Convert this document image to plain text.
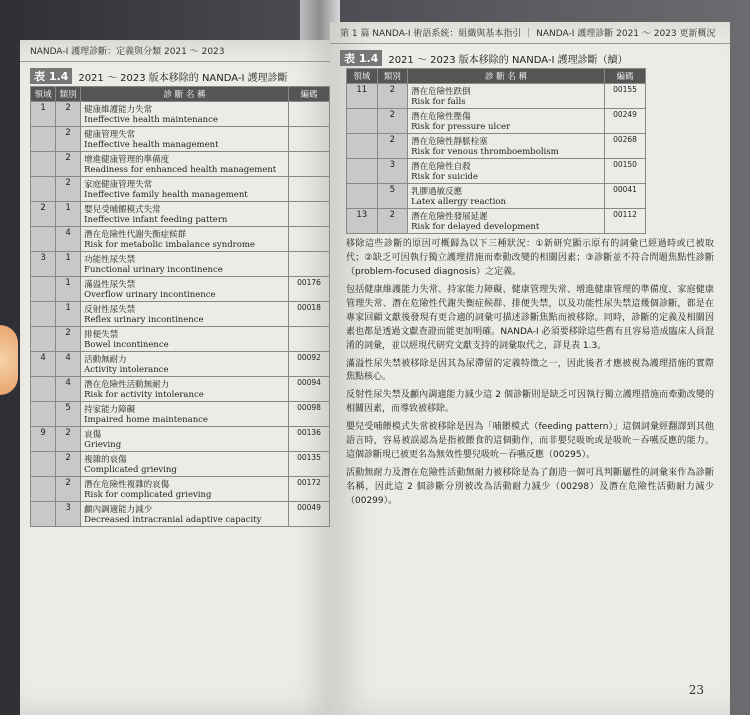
NANDA-I 護理診斷：定義與分類 2021 ～ 2023
表 1.4	2021 ～ 2023 版本移除的 NANDA-I 護理診斷
領域	類別	診 斷 名 稱	編碼
1	2	健康維護能力失常
Ineffective health maintenance	

	2	健康管理失常
Ineffective health management	

	2	增進健康管理的準備度
Readiness for enhanced health management	

	2	家庭健康管理失常
Ineffective family health management	

2	1	嬰兒受哺餵模式失常
Ineffective infant feeding pattern	

	4	潛在危險性代謝失衡症候群
Risk for metabolic imbalance syndrome	

3	1	功能性尿失禁
Functional urinary incontinence	

	1	滿溢性尿失禁
Overflow urinary incontinence	00176
	1	反射性尿失禁
Reflex urinary incontinence	00018
	2	排便失禁
Bowel incontinence	

4	4	活動無耐力
Activity intolerance	00092
	4	潛在危險性活動無耐力
Risk for activity intolerance	00094
	5	持家能力障礙
Impaired home maintenance	00098
9	2	哀傷
Grieving	00136
	2	複雜的哀傷
Complicated grieving	00135
	2	潛在危險性複雜的哀傷
Risk for complicated grieving	00172
	3	顱內調適能力減少
Decreased intracranial adaptive capacity	00049
第 1 篇 NANDA-I 術語系統：組織與基本指引 ｜ NANDA-I 護理診斷 2021 ～ 2023 更新概況
表 1.4	2021 ～ 2023 版本移除的 NANDA-I 護理診斷（續）
領域	類別	診 斷 名 稱	編碼
11	2	潛在危險性跌倒
Risk for falls	00155
	2	潛在危險性壓傷
Risk for pressure ulcer	00249
	2	潛在危險性靜脈栓塞
Risk for venous thromboembolism	00268
	3	潛在危險性自殺
Risk for suicide	00150
	5	乳膠過敏反應
Latex allergy reaction	00041
13	2	潛在危險性發展延遲
Risk for delayed development	00112

移除這些診斷的原因可概歸為以下三種狀況：①新研究顯示原有的詞彙已經過時或已被取代；②缺乏可因執行獨立護理措施而牽動改變的相關因素；③診斷並不符合問題焦點性診斷（problem-focused diagnosis）之定義。

包括健康維護能力失常、持家能力障礙、健康管理失常、增進健康管理的準備度、家庭健康管理失常、潛在危險性代謝失衡症候群、排便失禁，以及功能性尿失禁這幾個診斷，都是在專家回顧文獻後發現有更合適的詞彙可描述診斷焦點而被移除。同時，診斷的定義及相關因素也都是透過文獻查證而能更加明確。NANDA-I 必須要移除這些舊有且容易造成臨床人員混淆的詞彙，並以經現代研究文獻支持的詞彙取代之，詳見表 1.3。

滿溢性尿失禁被移除是因其為尿滯留的定義特徵之一，因此後者才應被視為護理措施的實際焦點核心。

反射性尿失禁及顱內調適能力減少這 2 個診斷則是缺乏可因執行獨立護理措施而牽動改變的相關因素，而導致被移除。

嬰兒受哺餵模式失常被移除是因為「哺餵模式（feeding pattern）」這個詞彙經翻譯到其他語言時，容易被誤認為是指被餵食的這個動作，而非嬰兒吸吮或是吸吮－吞嚥反應的能力。這個診斷現已被更名為無效性嬰兒吸吮－吞嚥反應（00295）。

活動無耐力及潛在危險性活動無耐力被移除是為了創造一個可具判斷屬性的詞彙來作為診斷名稱，因此這 2 個診斷分別被改為活動耐力減少（00298）及潛在危險性活動耐力減少（00299）。

23
